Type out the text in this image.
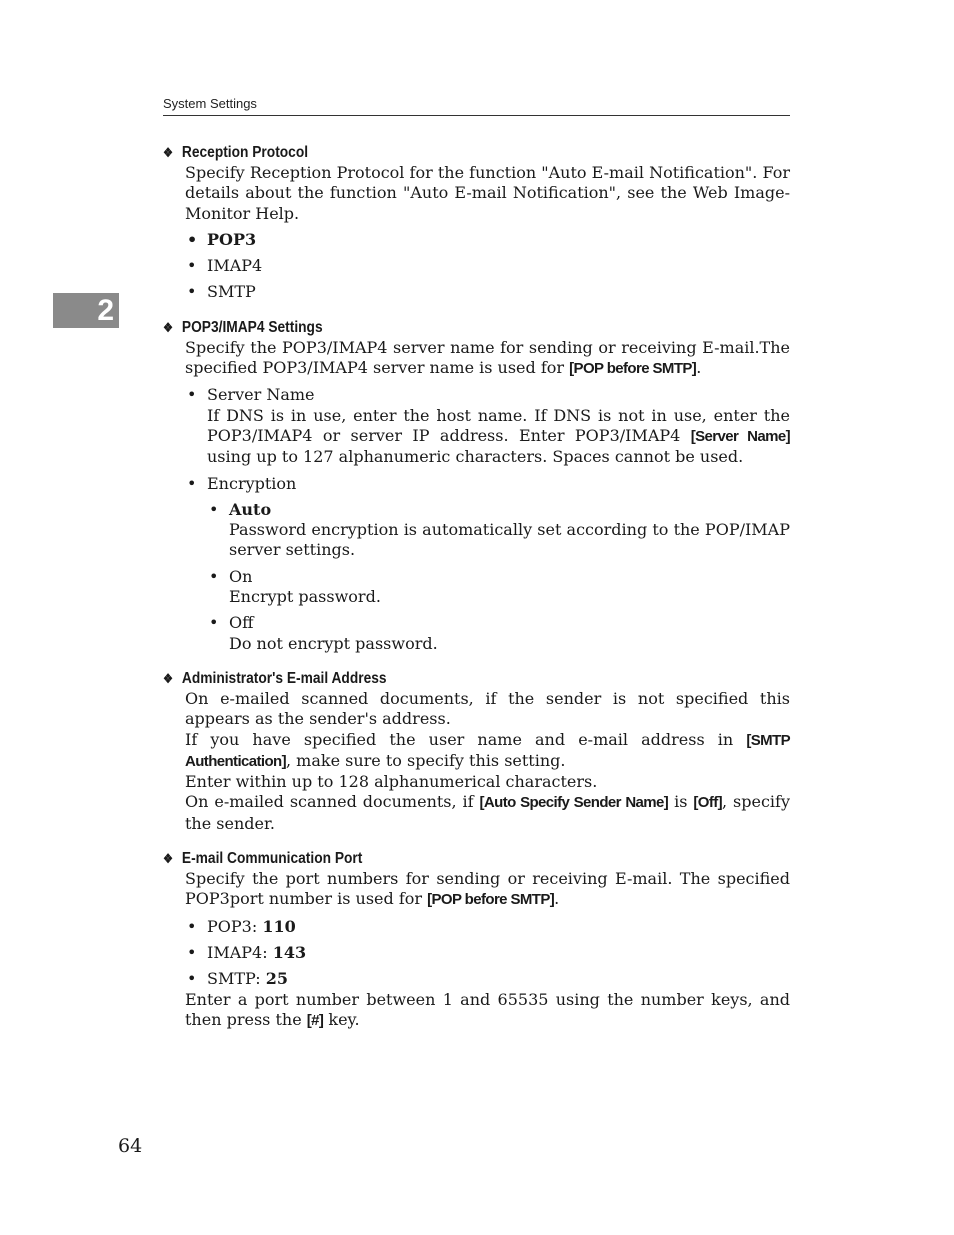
System Settings
2
❖ Reception Protocol

Specify Reception Protocol for the function "Auto E-mail Notification". For details about the function "Auto E-mail Notification", see the Web Image-Monitor Help.

• POP3
• IMAP4
• SMTP
❖ POP3/IMAP4 Settings

Specify the POP3/IMAP4 server name for sending or receiving E-mail.The specified POP3/IMAP4 server name is used for [POP before SMTP].

• Server Name

If DNS is in use, enter the host name. If DNS is not in use, enter the POP3/IMAP4 or server IP address. Enter POP3/IMAP4 [Server Name] using up to 127 alphanumeric characters. Spaces cannot be used.

• Encryption
• Auto

Password encryption is automatically set according to the POP/IMAP server settings.

• On

Encrypt password.

• Off

Do not encrypt password.

❖ Administrator's E-mail Address

On e-mailed scanned documents, if the sender is not specified this appears as the sender's address.

If you have specified the user name and e-mail address in [SMTP Authentication], make sure to specify this setting.

Enter within up to 128 alphanumerical characters.

On e-mailed scanned documents, if [Auto Specify Sender Name] is [Off], specify the sender.

❖ E-mail Communication Port

Specify the port numbers for sending or receiving E-mail. The specified POP3port number is used for [POP before SMTP].

• POP3: 110
• IMAP4: 143
• SMTP: 25

Enter a port number between 1 and 65535 using the number keys, and then press the [#] key.

64
